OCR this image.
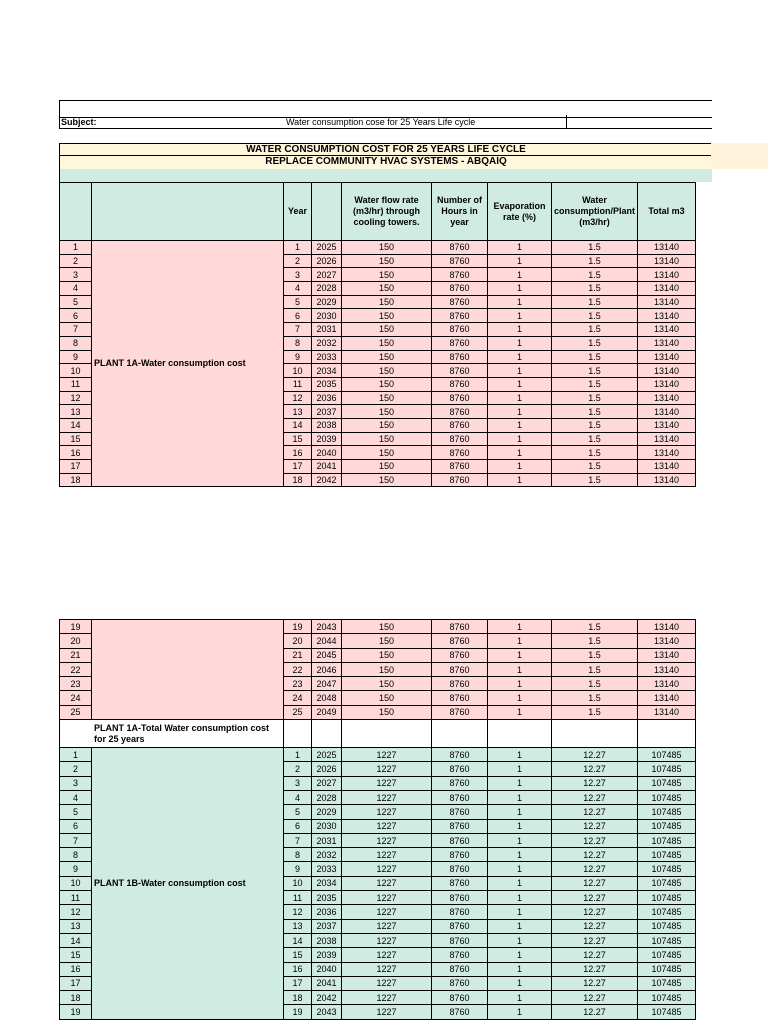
Subject:	Water consumption cose for 25 Years Life cycle
WATER CONSUMPTION COST FOR 25 YEARS LIFE CYCLE
REPLACE COMMUNITY HVAC SYSTEMS - ABQAIQ
		Year		Water flow rate (m3/hr) through cooling towers.	Number of Hours in year	Evaporation rate (%)	Water consumption/Plant (m3/hr)	Total m3
1	PLANT 1A-Water consumption cost	1	2025	150	8760	1	1.5	13140
2		2	2026	150	8760	1	1.5	13140
3		3	2027	150	8760	1	1.5	13140
4		4	2028	150	8760	1	1.5	13140
5		5	2029	150	8760	1	1.5	13140
6		6	2030	150	8760	1	1.5	13140
7		7	2031	150	8760	1	1.5	13140
8		8	2032	150	8760	1	1.5	13140
9		9	2033	150	8760	1	1.5	13140
10		10	2034	150	8760	1	1.5	13140
11		11	2035	150	8760	1	1.5	13140
12		12	2036	150	8760	1	1.5	13140
13		13	2037	150	8760	1	1.5	13140
14		14	2038	150	8760	1	1.5	13140
15		15	2039	150	8760	1	1.5	13140
16		16	2040	150	8760	1	1.5	13140
17		17	2041	150	8760	1	1.5	13140
18		18	2042	150	8760	1	1.5	13140
19		19	2043	150	8760	1	1.5	13140
20		20	2044	150	8760	1	1.5	13140
21		21	2045	150	8760	1	1.5	13140
22		22	2046	150	8760	1	1.5	13140
23		23	2047	150	8760	1	1.5	13140
24		24	2048	150	8760	1	1.5	13140
25		25	2049	150	8760	1	1.5	13140
PLANT 1A-Total Water consumption cost for 25 years								
1	PLANT 1B-Water consumption cost	1	2025	1227	8760	1	12.27	107485
2		2	2026	1227	8760	1	12.27	107485
3		3	2027	1227	8760	1	12.27	107485
4		4	2028	1227	8760	1	12.27	107485
5		5	2029	1227	8760	1	12.27	107485
6		6	2030	1227	8760	1	12.27	107485
7		7	2031	1227	8760	1	12.27	107485
8		8	2032	1227	8760	1	12.27	107485
9		9	2033	1227	8760	1	12.27	107485
10		10	2034	1227	8760	1	12.27	107485
11		11	2035	1227	8760	1	12.27	107485
12		12	2036	1227	8760	1	12.27	107485
13		13	2037	1227	8760	1	12.27	107485
14		14	2038	1227	8760	1	12.27	107485
15		15	2039	1227	8760	1	12.27	107485
16		16	2040	1227	8760	1	12.27	107485
17		17	2041	1227	8760	1	12.27	107485
18		18	2042	1227	8760	1	12.27	107485
19		19	2043	1227	8760	1	12.27	107485
